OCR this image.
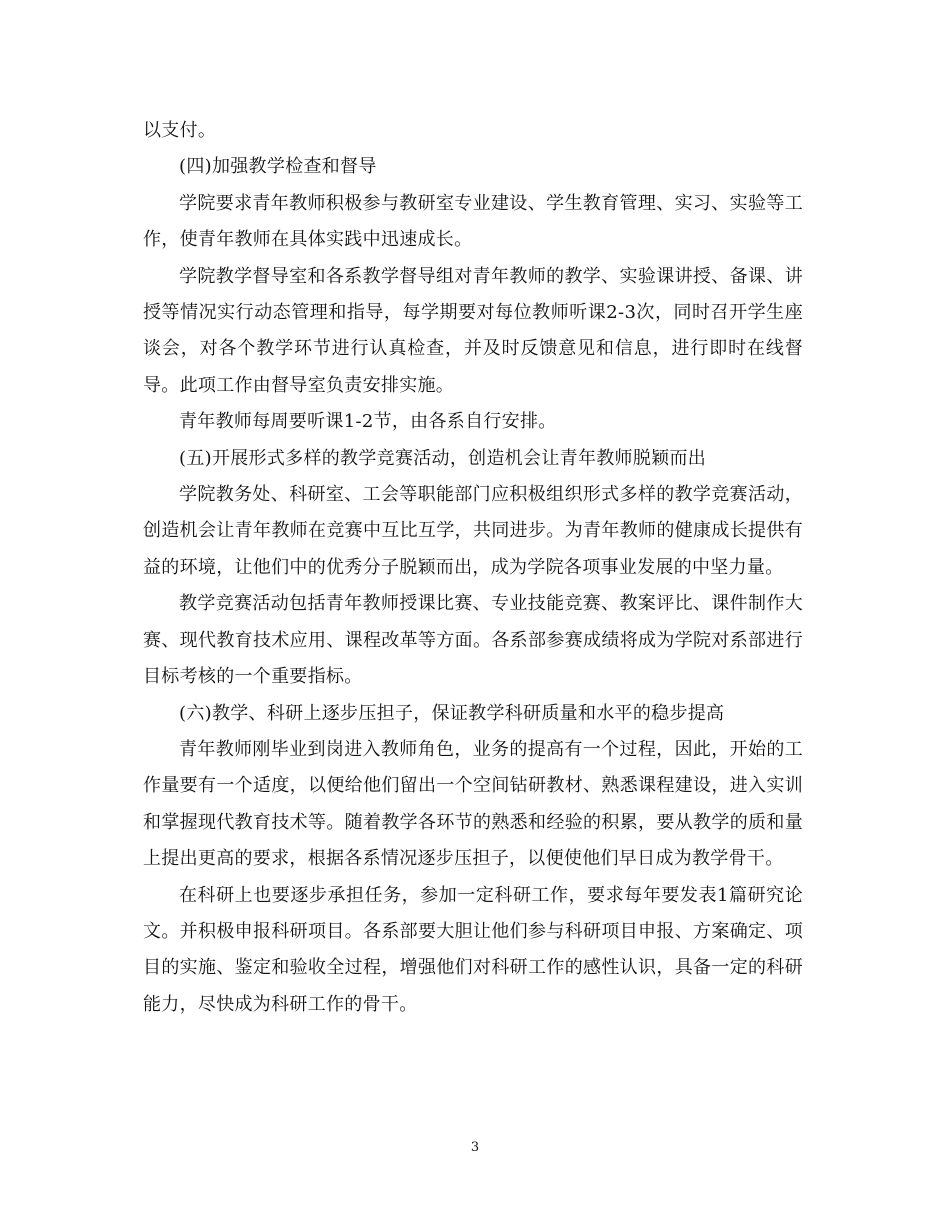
以支付。

(四)加强教学检查和督导

学院要求青年教师积极参与教研室专业建设、学生教育管理、实习、实验等工作，使青年教师在具体实践中迅速成长。

学院教学督导室和各系教学督导组对青年教师的教学、实验课讲授、备课、讲授等情况实行动态管理和指导，每学期要对每位教师听课2-3次，同时召开学生座谈会，对各个教学环节进行认真检查，并及时反馈意见和信息，进行即时在线督导。此项工作由督导室负责安排实施。

青年教师每周要听课1-2节，由各系自行安排。

(五)开展形式多样的教学竞赛活动，创造机会让青年教师脱颖而出

学院教务处、科研室、工会等职能部门应积极组织形式多样的教学竞赛活动，创造机会让青年教师在竞赛中互比互学，共同进步。为青年教师的健康成长提供有益的环境，让他们中的优秀分子脱颖而出，成为学院各项事业发展的中坚力量。

教学竞赛活动包括青年教师授课比赛、专业技能竞赛、教案评比、课件制作大赛、现代教育技术应用、课程改革等方面。各系部参赛成绩将成为学院对系部进行目标考核的一个重要指标。

(六)教学、科研上逐步压担子，保证教学科研质量和水平的稳步提高

青年教师刚毕业到岗进入教师角色，业务的提高有一个过程，因此，开始的工作量要有一个适度，以便给他们留出一个空间钻研教材、熟悉课程建设，进入实训和掌握现代教育技术等。随着教学各环节的熟悉和经验的积累，要从教学的质和量上提出更高的要求，根据各系情况逐步压担子，以便使他们早日成为教学骨干。

在科研上也要逐步承担任务，参加一定科研工作，要求每年要发表1篇研究论文。并积极申报科研项目。各系部要大胆让他们参与科研项目申报、方案确定、项目的实施、鉴定和验收全过程，增强他们对科研工作的感性认识，具备一定的科研能力，尽快成为科研工作的骨干。

3
